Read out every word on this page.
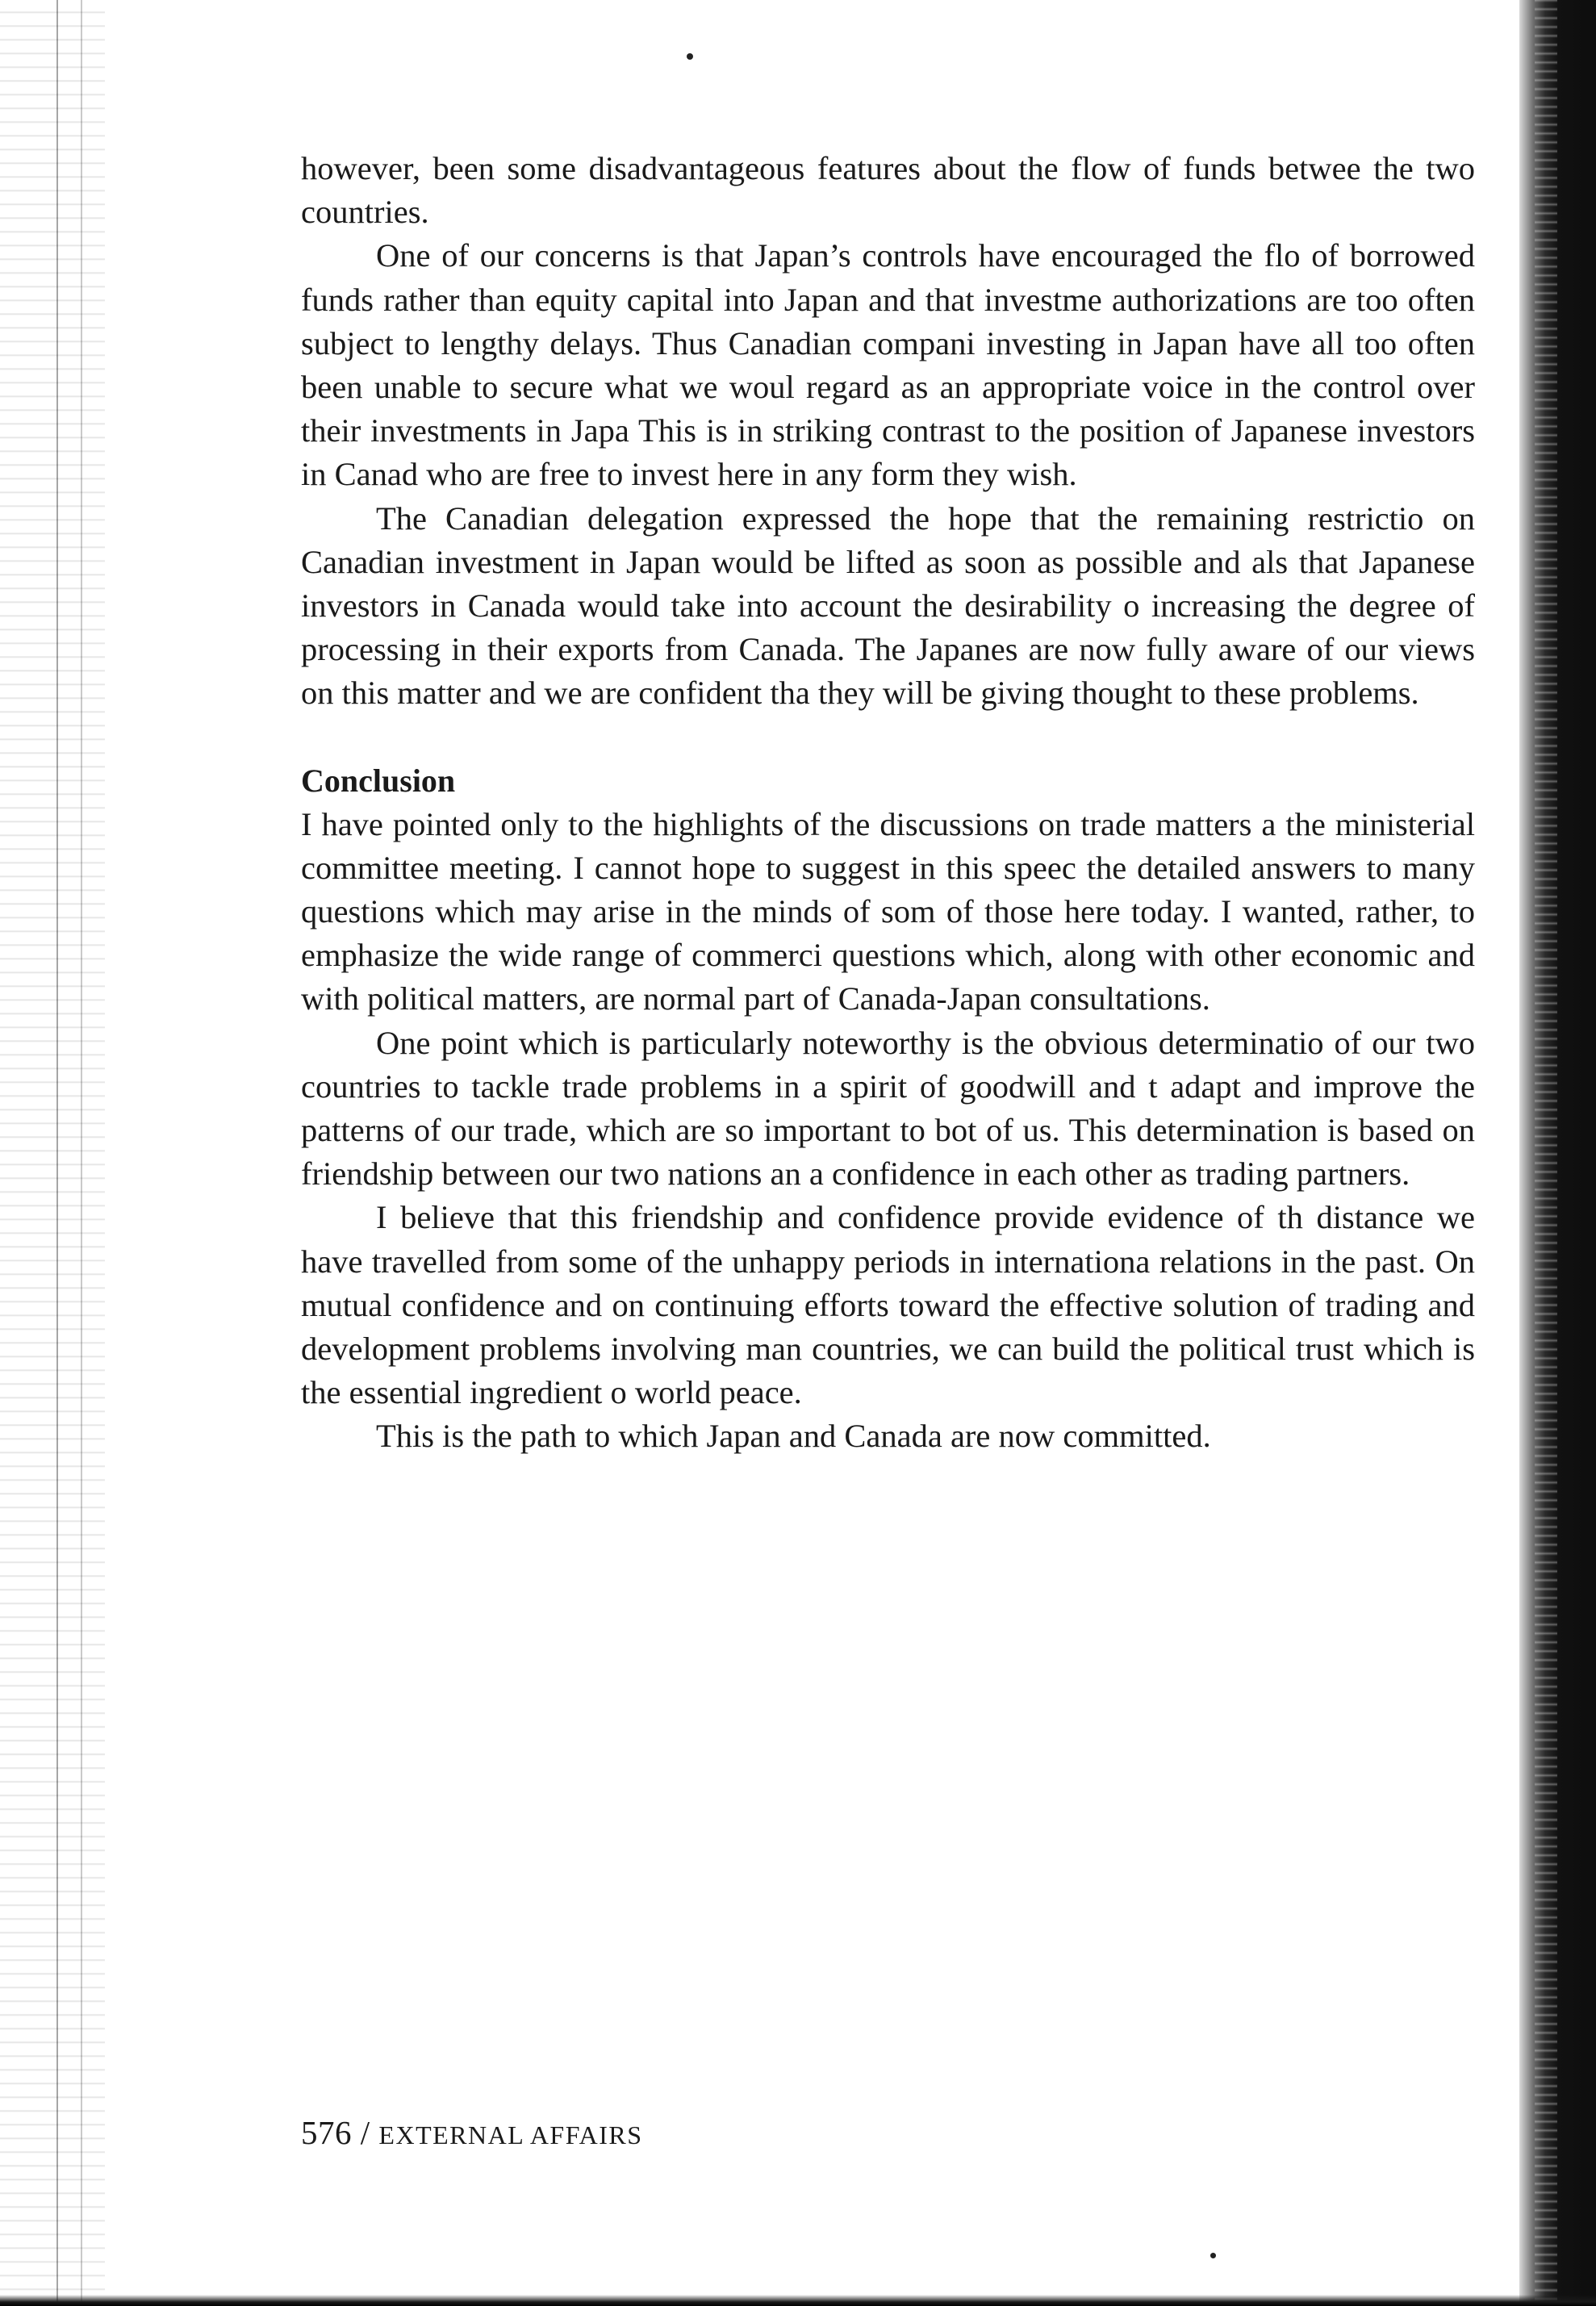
however, been some disadvantageous features about the flow of funds betwee the two countries.

One of our concerns is that Japan’s controls have encouraged the flo of borrowed funds rather than equity capital into Japan and that investme authorizations are too often subject to lengthy delays. Thus Canadian compani investing in Japan have all too often been unable to secure what we woul regard as an appropriate voice in the control over their investments in Japa This is in striking contrast to the position of Japanese investors in Canad who are free to invest here in any form they wish.

The Canadian delegation expressed the hope that the remaining restrictio on Canadian investment in Japan would be lifted as soon as possible and als that Japanese investors in Canada would take into account the desirability o increasing the degree of processing in their exports from Canada. The Japanes are now fully aware of our views on this matter and we are confident tha they will be giving thought to these problems.

Conclusion

I have pointed only to the highlights of the discussions on trade matters a the ministerial committee meeting. I cannot hope to suggest in this speec the detailed answers to many questions which may arise in the minds of som of those here today. I wanted, rather, to emphasize the wide range of commerci questions which, along with other economic and with political matters, are normal part of Canada-Japan consultations.

One point which is particularly noteworthy is the obvious determinatio of our two countries to tackle trade problems in a spirit of goodwill and t adapt and improve the patterns of our trade, which are so important to bot of us. This determination is based on friendship between our two nations an a confidence in each other as trading partners.

I believe that this friendship and confidence provide evidence of th distance we have travelled from some of the unhappy periods in internationa relations in the past. On mutual confidence and on continuing efforts toward the effective solution of trading and development problems involving man countries, we can build the political trust which is the essential ingredient o world peace.

This is the path to which Japan and Canada are now committed.

576 / EXTERNAL AFFAIRS
